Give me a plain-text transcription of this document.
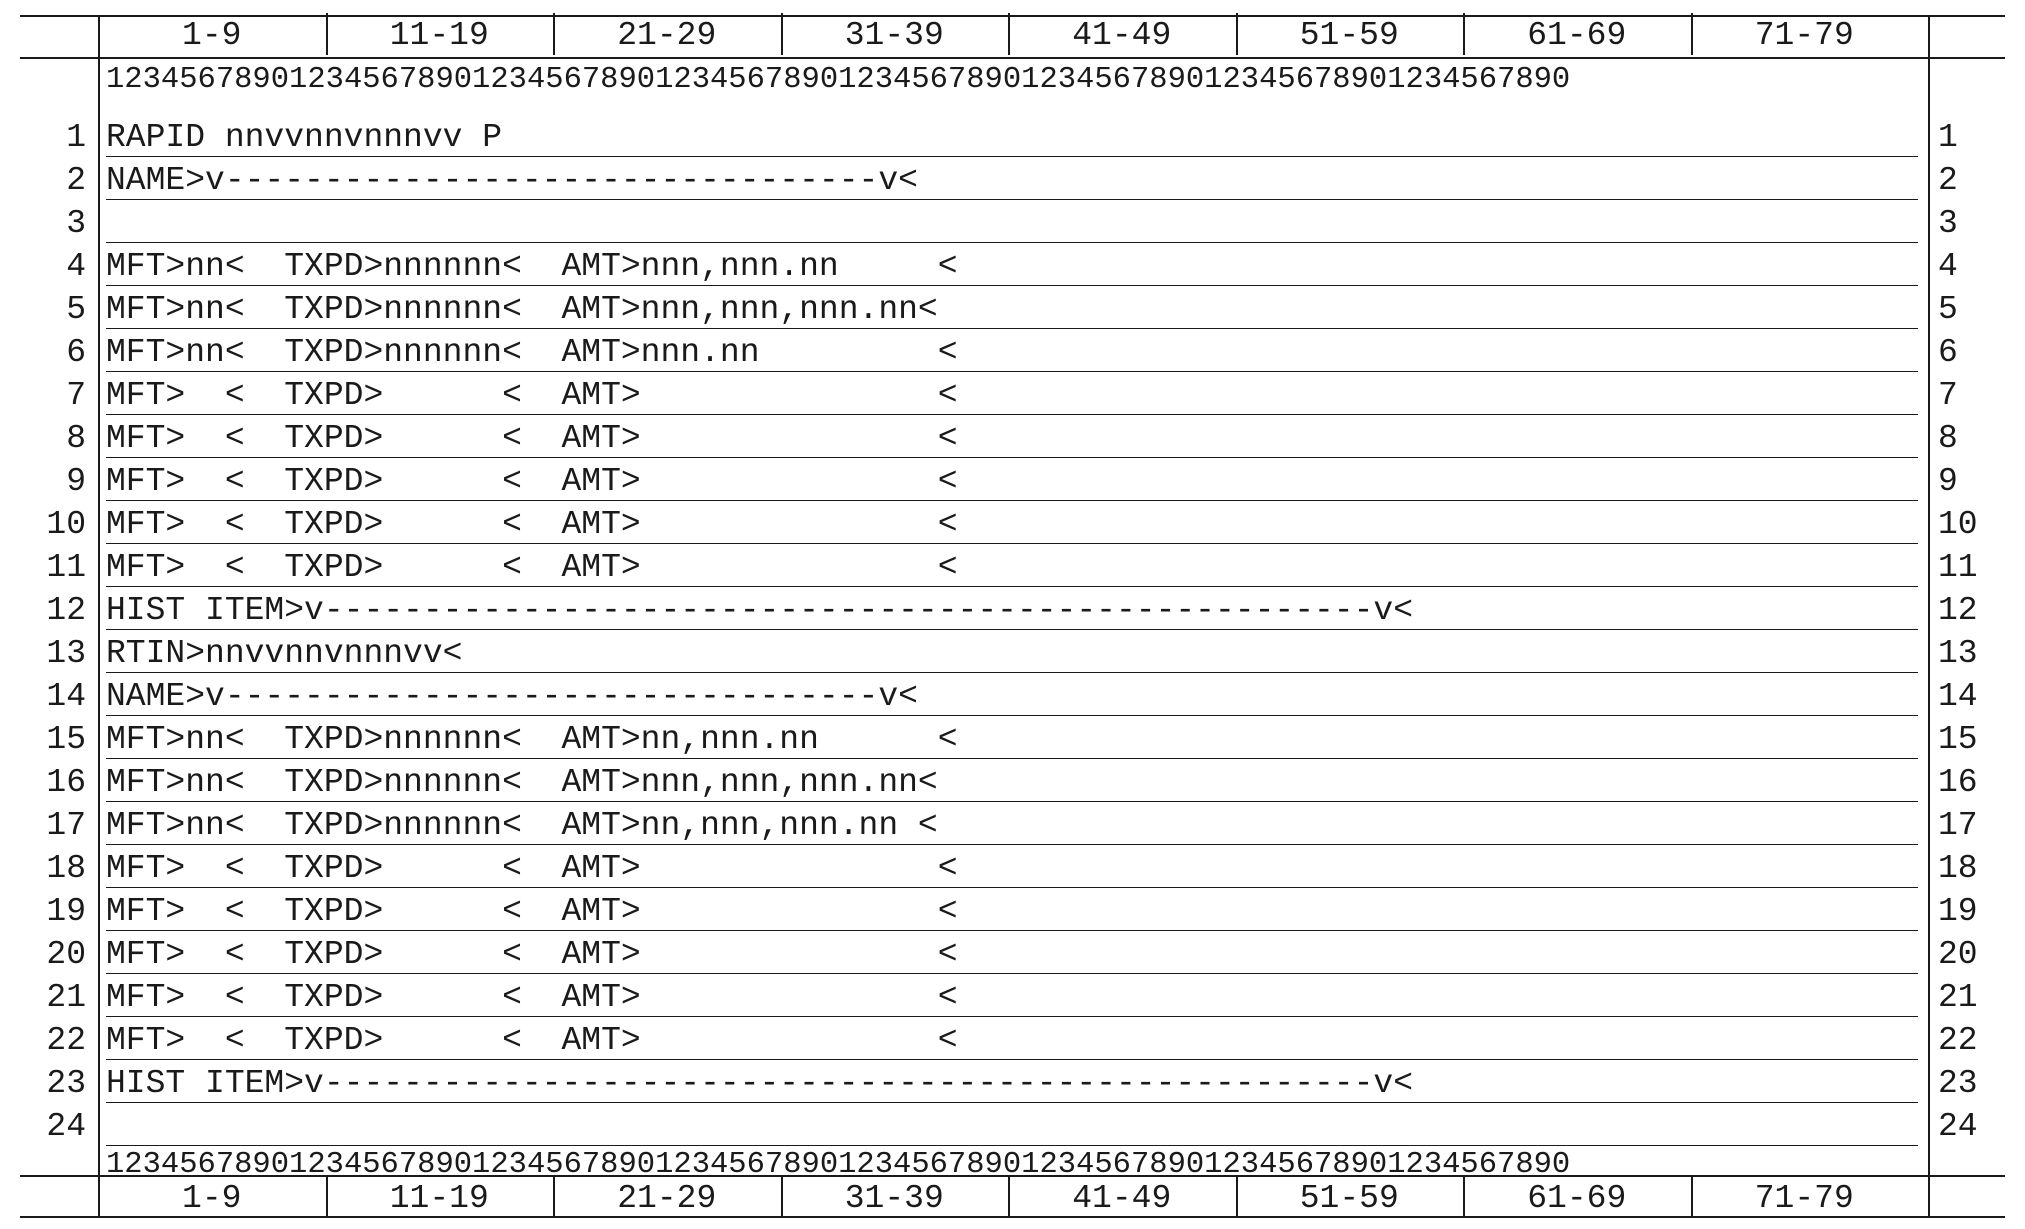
1-9	11-19	21-29	31-39	41-49	51-59	61-69	71-79
12345678901234567890123456789012345678901234567890123456789012345678901234567890
1 RAPID nnvvnnvnnnvv P	1
2 NAME>v---------------------------------v<	2
3	3
4 MFT>nn<  TXPD>nnnnnn<  AMT>nnn,nnn.nn     <	4
5 MFT>nn<  TXPD>nnnnnn<  AMT>nnn,nnn,nnn.nn<	5
6 MFT>nn<  TXPD>nnnnnn<  AMT>nnn.nn         <	6
7 MFT>  <  TXPD>      <  AMT>               <	7
8 MFT>  <  TXPD>      <  AMT>               <	8
9 MFT>  <  TXPD>      <  AMT>               <	9
10 MFT>  <  TXPD>      <  AMT>               <	10
11 MFT>  <  TXPD>      <  AMT>               <	11
12 HIST ITEM>v-----------------------------------------------------v<	12
13 RTIN>nnvvnnvnnnvv<	13
14 NAME>v---------------------------------v<	14
15 MFT>nn<  TXPD>nnnnnn<  AMT>nn,nnn.nn      <	15
16 MFT>nn<  TXPD>nnnnnn<  AMT>nnn,nnn,nnn.nn<	16
17 MFT>nn<  TXPD>nnnnnn<  AMT>nn,nnn,nnn.nn <	17
18 MFT>  <  TXPD>      <  AMT>               <	18
19 MFT>  <  TXPD>      <  AMT>               <	19
20 MFT>  <  TXPD>      <  AMT>               <	20
21 MFT>  <  TXPD>      <  AMT>               <	21
22 MFT>  <  TXPD>      <  AMT>               <	22
23 HIST ITEM>v-----------------------------------------------------v<	23
24	24
12345678901234567890123456789012345678901234567890123456789012345678901234567890
1-9	11-19	21-29	31-39	41-49	51-59	61-69	71-79
